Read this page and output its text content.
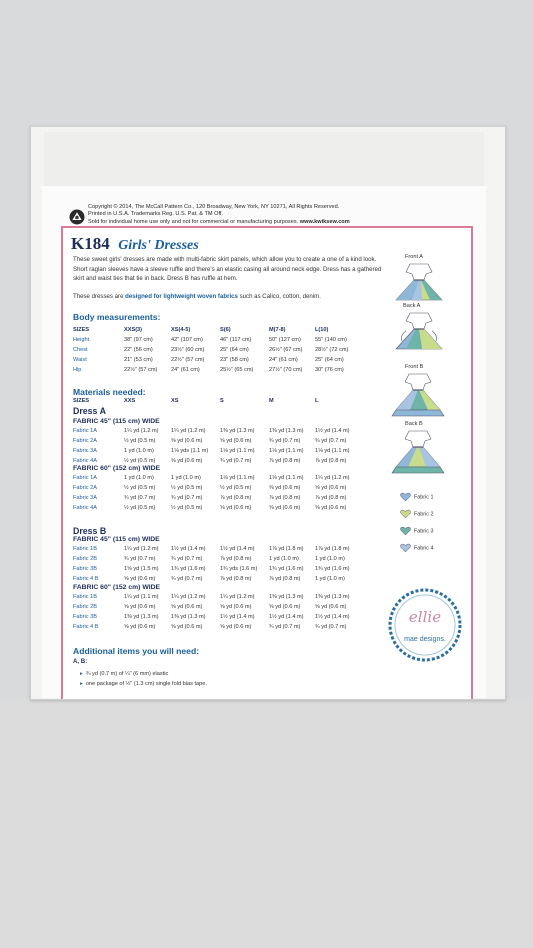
Copyright © 2014, The McCall Pattern Co., 120 Broadway, New York, NY 10271, All Rights Reserved.
Printed in U.S.A. Trademarks Reg. U.S. Pat. & TM Off.
Sold for individual home use only and not for commercial or manufacturing purposes. www.kwiksew.com
K184 Girls' Dresses

These sweet girls' dresses are made with multi-fabric skirt panels, which allow you to create a one of a kind look. Short raglan sleeves have a sleeve ruffle and there's an elastic casing all around neck edge. Dress has a gathered skirt and waist ties that tie in back. Dress B has ruffle at hem.

These dresses are designed for lightweight woven fabrics such as Calico, cotton, denim.
Body measurements:
SIZES	XXS(3)	XS(4-5)	S(6)	M(7-8)	L(10)
Height	38" (97 cm)	42" (107 cm)	46" (117 cm)	50" (127 cm)	55" (140 cm)
Chest	22" (56 cm)	23½" (60 cm)	25" (64 cm)	26½" (67 cm) 28½" (72 cm)
Waist	21" (53 cm)	22½" (57 cm)	23" (58 cm)	24" (61 cm)	25" (64 cm)
Hip	22½" (57 cm) 24" (61 cm)	25½" (65 cm)	27½" (70 cm) 30" (76 cm)
Materials needed:
SIZES	XXS	XS	S	M	L
Dress A
FABRIC 45" (115 cm) WIDE
Fabric 1A	1¼ yd (1.2 m) 1¼ yd (1.2 m)	1⅜ yd (1.3 m)	1⅜ yd (1.3 m) 1½ yd (1.4 m)
Fabric 2A	½ yd (0.5 m)	⅝ yd (0.6 m)	⅝ yd (0.6 m)	¾ yd (0.7 m)	¾ yd (0.7 m)
Fabric 3A	1 yd (1.0 m)	1⅛ yds (1.1 m) 1⅛ yd (1.1 m)	1⅛ yd (1.1 m) 1⅛ yd (1.1 m)
Fabric 4A	½ yd (0.5 m)	⅝ yd (0.6 m)	¾ yd (0.7 m)	⅞ yd (0.8 m)	⅞ yd (0.8 m)
FABRIC 60" (152 cm) WIDE
Fabric 1A	1 yd (1.0 m)	1 yd (1.0 m)	1⅛ yd (1.1 m)	1⅛ yd (1.1 m) 1¼ yd (1.2 m)
Fabric 2A	½ yd (0.5 m)	½ yd (0.5 m)	½ yd (0.5 m)	⅝ yd (0.6 m)	⅝ yd (0.6 m)
Fabric 3A	¾ yd (0.7 m)	¾ yd (0.7 m)	⅞ yd (0.8 m)	⅞ yd (0.8 m)	⅞ yd (0.8 m)
Fabric 4A	½ yd (0.5 m)	½ yd (0.5 m)	⅝ yd (0.6 m)	⅝ yd (0.6 m)	⅝ yd (0.6 m)
Dress B
FABRIC 45" (115 cm) WIDE
Fabric 1B	1¼ yd (1.2 m) 1½ yd (1.4 m)	1½ yd (1.4 m)	1⅞ yd (1.8 m) 1⅞ yd (1.8 m)
Fabric 2B	¾ yd (0.7 m)	¾ yd (0.7 m)	⅞ yd (0.8 m)	1 yd (1.0 m)	1 yd (1.0 m)
Fabric 3B	1⅝ yd (1.5 m) 1¾ yd (1.6 m)	1¾ yds (1.6 m) 1¾ yd (1.6 m) 1¾ yd (1.6 m)
Fabric 4 B	⅝ yd (0.6 m)	¾ yd (0.7 m)	⅞ yd (0.8 m)	⅞ yd (0.8 m)	1 yd (1.0 m)
FABRIC 60" (152 cm) WIDE
Fabric 1B	1¼ yd (1.1 m) 1¼ yd (1.2 m)	1¼ yd (1.2 m)	1⅜ yd (1.3 m) 1⅜ yd (1.3 m)
Fabric 2B	⅝ yd (0.6 m)	⅝ yd (0.6 m)	⅝ yd (0.6 m)	⅝ yd (0.6 m)	⅝ yd (0.6 m)
Fabric 3B	1⅜ yd (1.3 m) 1⅜ yd (1.3 m)	1½ yd (1.4 m)	1½ yd (1.4 m) 1½ yd (1.4 m)
Fabric 4 B	⅝ yd (0.6 m)	⅝ yd (0.6 m)	⅝ yd (0.6 m)	¾ yd (0.7 m)	¾ yd (0.7 m)
Additional items you will need:
A, B:
▸ ¾ yd (0.7 m) of ¼" (6 mm) elastic
▸ one package of ½" (1.3 cm) single fold bias tape.
Front A
Back A
Front B
Back B
Fabric 1
Fabric 2
Fabric 3
Fabric 4
ellie
mae designs.
